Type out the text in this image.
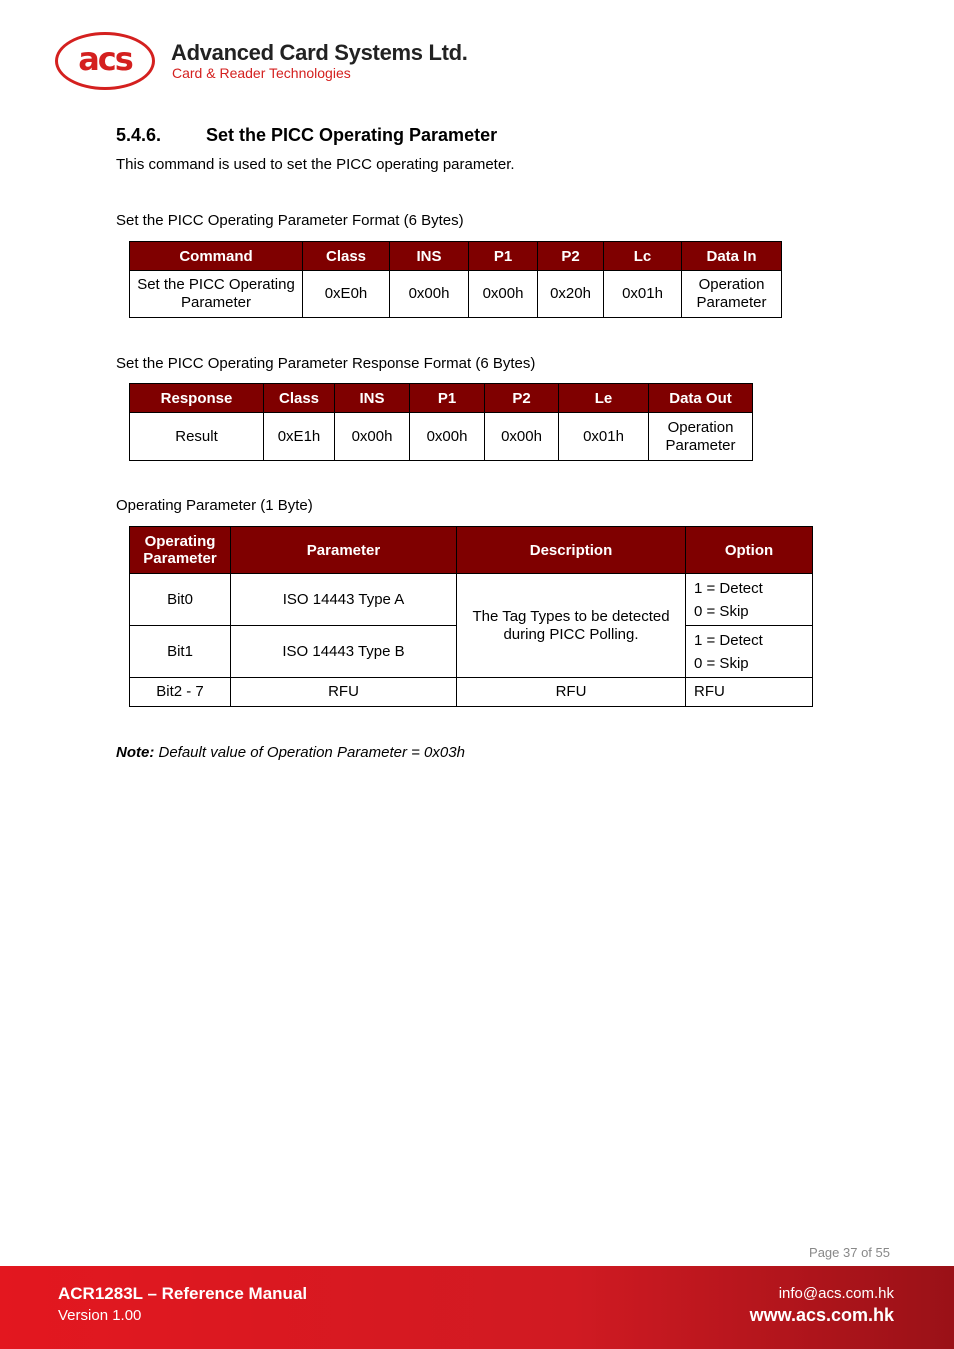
acs	Advanced Card Systems Ltd.
Card & Reader Technologies
5.4.6. Set the PICC Operating Parameter
This command is used to set the PICC operating parameter.
Set the PICC Operating Parameter Format (6 Bytes)
Command	Class	INS	P1	P2	Lc	Data In
Set the PICC Operating Parameter	0xE0h	0x00h	0x00h	0x20h	0x01h	Operation Parameter
Set the PICC Operating Parameter Response Format (6 Bytes)
Response	Class	INS	P1	P2	Le	Data Out
Result	0xE1h	0x00h	0x00h	0x00h	0x01h	Operation Parameter
Operating Parameter (1 Byte)
Operating Parameter	Parameter	Description	Option
Bit0	ISO 14443 Type A	The Tag Types to be detected during PICC Polling.	1 = Detect
0 = Skip

Bit1	ISO 14443 Type B		1 = Detect
0 = Skip

Bit2 - 7	RFU	RFU	RFU
Note: Default value of Operation Parameter = 0x03h
Page 37 of 55
ACR1283L – Reference Manual
Version 1.00
info@acs.com.hk
www.acs.com.hk
